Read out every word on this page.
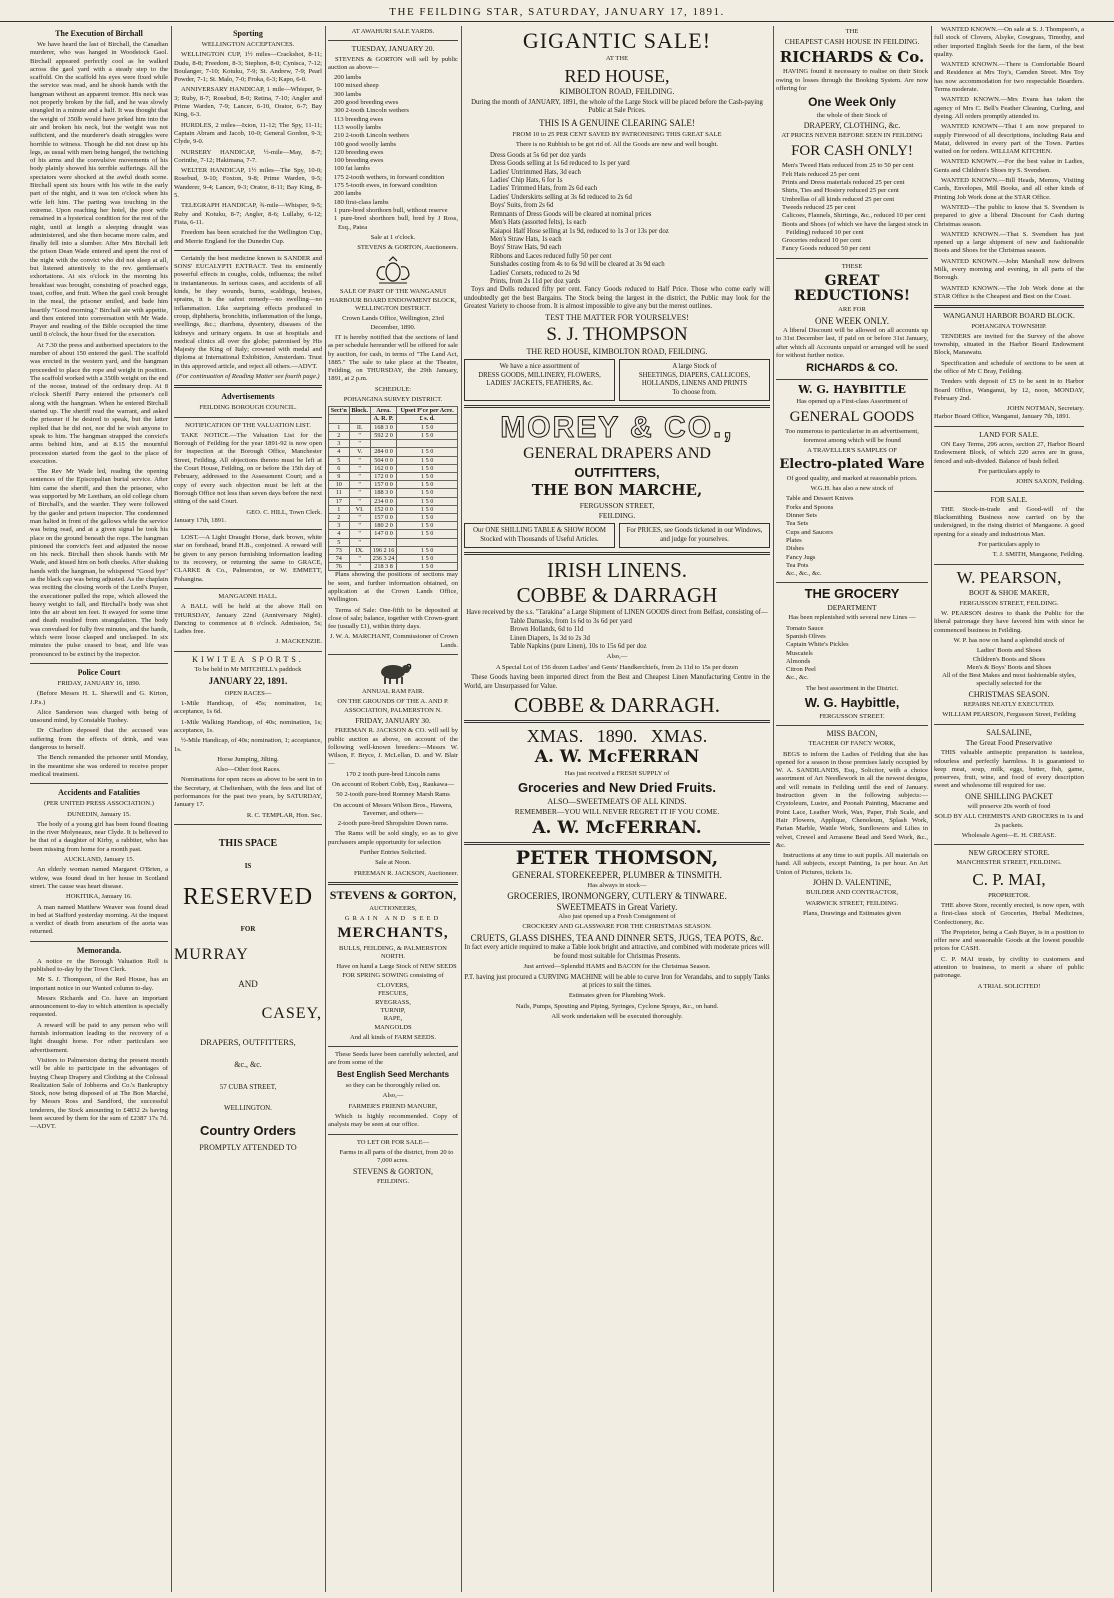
THE FEILDING STAR, SATURDAY, JANUARY 17, 1891.
The Execution of Birchall

We have heard the last of Birchall, the Canadian murderer, who was hanged in Woodstock Gaol. Birchall appeared perfectly cool as he walked across the gaol yard with a steady step to the scaffold. On the scaffold his eyes were fixed while the service was read, and he shook hands with the hangman without an apparent tremor. His neck was not properly broken by the fall, and he was slowly strangled in a minute and a half. It was thought that the weight of 350lb would have jerked him into the air and broken his neck, but the weight was not sufficient, and the murderer's death struggles were horrible to witness. Though he did not draw up his legs, as usual with men being hanged, the twitching of his arms and the convulsive movements of his body plainly showed his terrible sufferings. All the spectators were shocked at the awful death scene. Birchall spent six hours with his wife in the early part of the night, and it was ten o'clock when his wife left him. The parting was touching in the extreme. Upon reaching her hotel, the poor wife remained in a hysterical condition for the rest of the night, until at length a sleeping draught was administered, and she then became more calm, and finally fell into a slumber. After Mrs Birchall left the prison Dean Wade entered and spent the rest of the night with the convict who did not sleep at all, but listened attentively to the rev. gentleman's exhortations. At six o'clock in the morning his breakfast was brought, consisting of poached eggs, toast, coffee, and fruit. When the gaol cook brought in the meal, the prisoner smiled, and bade him heartily "Good morning." Birchall ate with appetite, and then entered into conversation with Mr Wade. Prayer and reading of the Bible occupied the time until 8 o'clock, the hour fixed for the execution.

At 7.30 the press and authorised spectators to the number of about 150 entered the gaol. The scaffold was erected in the western yard, and the hangman proceeded to place the rope and weight in position. The scaffold worked with a 350lb weight on the end of the noose, instead of the ordinary drop. At 8 o'clock Sheriff Parry entered the prisoner's cell along with the hangman. When he entered Birchall started up. The sheriff read the warrant, and asked the prisoner if he desired to speak, but the latter replied that he did not, nor did he wish anyone to speak to him. The hangman strapped the convict's arms behind him, and at 8.15 the mournful procession started from the gaol to the place of execution.

The Rev Mr Wade led, reading the opening sentences of the Episcopalian burial service. After him came the sheriff, and then the prisoner, who was supported by Mr Leetham, an old college chum of Birchall's, and the warder. They were followed by the gaoler and prison inspector. The condemned man halted in front of the gallows while the service was being read, and at a given signal he took his place on the ground beneath the rope. The hangman pinioned the convict's feet and adjusted the noose on his neck. Birchall then shook hands with Mr Wade, and kissed him on both cheeks. After shaking hands with the hangman, he whispered "Good bye" as the black cap was being adjusted. As the chaplain was reciting the closing words of the Lord's Prayer, the executioner pulled the rope, which allowed the heavy weight to fall, and Birchall's body was shot into the air about ten feet. It swayed for some time and death resulted from strangulation. The body was convulsed for fully five minutes, and the hands, which were loose clasped and unclasped. In six minutes the pulse ceased to beat, and life was pronounced to be extinct by the inspector.

Police Court
FRIDAY, JANUARY 16, 1890.

(Before Messrs H. L. Sherwill and G. Kirton, J.P.s.)

Alice Sanderson was charged with being of unsound mind, by Constable Tuohey.

Dr Charlton deposed that the accused was suffering from the effects of drink, and was dangerous to herself.

The Bench remanded the prisoner until Monday, in the meantime she was ordered to receive proper medical treatment.

Accidents and Fatalities
(PER UNITED PRESS ASSOCIATION.)
DUNEDIN, January 15.

The body of a young girl has been found floating in the river Molyneaux, near Clyde. It is believed to be that of a daughter of Kirby, a rabbiter, who has been missing from home for a month past.

AUCKLAND, January 15.

An elderly woman named Margaret O'Brien, a widow, was found dead in her house in Scotland street. The cause was heart disease.

HOKITIKA, January 16.

A man named Matthew Weaver was found dead in bed at Stafford yesterday morning. At the inquest a verdict of death from aneurism of the aorta was returned.

Memoranda.

A notice re the Borough Valuation Roll is published to-day by the Town Clerk.

Mr S. J. Thompson, of the Red House, has an important notice in our Wanted column to-day.

Messrs Richards and Co. have an important announcement to-day to which attention is specially requested.

A reward will be paid to any person who will furnish information leading to the recovery of a light draught horse. For other particulars see advertisement.

Visitors to Palmerston during the present month will be able to participate in the advantages of buying Cheap Drapery and Clothing at the Colossal Realization Sale of Jobberns and Co.'s Bankruptcy Stock, now being disposed of at The Bon Marché, by Messrs Ross and Sandford, the successful tenderers, the Stock amounting to £4832 2s having been secured by them for the sum of £2387 17s 7d.—ADVT.

Sporting
WELLINGTON ACCEPTANCES.

WELLINGTON CUP, 1½ miles—Crackshot, 8-11; Dudu, 8-8; Freedom, 8-3; Stephon, 8-0; Cynisca, 7-12; Boulanger, 7-10; Kotuku, 7-9; St. Andrew, 7-9; Pearl Powder, 7-1; St. Malo, 7-0; Froka, 6-3; Kapo, 6-0.

ANNIVERSARY HANDICAP, 1 mile—Whisper, 9-3; Ruby, 8-7; Rosebud, 8-0; Retina, 7-10; Angler and Prime Warden, 7-9; Lancer, 6-10, Orator, 6-7; Bay King, 6-3.

HURDLES, 2 miles—Ixion, 11-12; The Spy, 11-11; Captain Abram and Jacob, 10-0; General Gordon, 9-3; Clyde, 9-0.

NURSERY HANDICAP, ½-mile—May, 8-7; Corinthe, 7-12; Hakimana, 7-7.

WELTER HANDICAP, 1½ miles—The Spy, 10-0; Rosebud, 9-10; Foxton, 9-8; Prime Warden, 9-5; Wanderer, 9-4; Lancer, 9-3; Orator, 8-11; Bay King, 8-5.

TELEGRAPH HANDICAP, ¾-mile—Whisper, 9-5; Ruby and Kotuku, 8-7; Angler, 8-6; Lullaby, 6-12; Fista, 6-11.

Freedom has been scratched for the Wellington Cup, and Merrie England for the Dunedin Cup.

Certainly the best medicine known is SANDER and SONS' EUCALYPTI EXTRACT. Test its eminently powerful effects in coughs, colds, influenza; the relief is instantaneous. In serious cases, and accidents of all kinds, be they wounds, burns, scaldings, bruises, sprains, it is the safest remedy—no swelling—no inflammation. Like surprising effects produced in croup, diphtheria, bronchitis, inflammation of the lungs, swellings, &c.; diarrhœa, dysentery, diseases of the kidneys and urinary organs. In use at hospitals and medical clinics all over the globe; patronised by His Majesty the King of Italy; crowned with medal and diploma at International Exhibition, Amsterdam. Trust in this approved article, and reject all others.—ADVT.

(For continuation of Reading Matter see fourth page.)
Advertisements
FEILDING BOROUGH COUNCIL.
NOTIFICATION OF THE VALUATION LIST.

TAKE NOTICE.—The Valuation List for the Borough of Feilding for the year 1891-92 is now open for inspection at the Borough Office, Manchester Street, Feilding. All objections thereto must be left at the Court House, Feilding, on or before the 15th day of February, addressed to the Assessment Court; and a copy of every such objection must be left at the Borough Office not less than seven days before the next sitting of the said Court.

GEO. C. HILL, Town Clerk.
January 17th, 1891.

LOST.—A Light Draught Horse, dark brown, white star on forehead, brand H.B., conjoined. A reward will be given to any person furnishing information leading to its recovery, or returning the same to GRACE, CLARKE & Co., Palmerston, or W. EMMETT, Pohangina.

MANGAONE HALL.

A BALL will be held at the above Hall on THURSDAY, January 22nd (Anniversary Night). Dancing to commence at 8 o'clock. Admission, 5s; Ladies free.

J. MACKENZIE.
KIWITEA SPORTS.
To be held in Mr MITCHELL's paddock
JANUARY 22, 1891.
OPEN RACES—

1-Mile Handicap, of 45s; nomination, 1s; acceptance, 1s 6d.

1-Mile Walking Handicap, of 40s; nomination, 1s; acceptance, 1s.

½-Mile Handicap, of 40s; nomination, 1; acceptance, 1s.

Horse Jumping, Jilting.
Also—Other foot Races.

Nominations for open races as above to be sent in to the Secretary, at Cheltenham, with the fees and list of performances for the past two years, by SATURDAY, January 17.

R. C. TEMPLAR, Hon. Sec.
THIS SPACE
IS
RESERVED
FOR
MURRAY
AND
CASEY,
DRAPERS, OUTFITTERS,
&c., &c.
57 CUBA STREET,
WELLINGTON.
Country Orders
PROMPTLY ATTENDED TO
AT AWAHURI SALE YARDS.
TUESDAY, JANUARY 20.

STEVENS & GORTON will sell by public auction as above—

200 lambs
100 mixed sheep
300 lambs
200 good breeding ewes
300 2-tooth Lincoln wethers
113 breeding ewes
113 woolly lambs
210 2-tooth Lincoln wethers
100 good woolly lambs
120 breeding ewes
100 breeding ewes
100 fat lambs
175 2-tooth wethers, in forward condition
175 5-tooth ewes, in forward condition
200 lambs
180 first-class lambs
1 pure-bred shorthorn bull, without reserve
1 pure-bred shorthorn bull, bred by J Ross, Esq., Patea
Sale at 1 o'clock.
STEVENS & GORTON, Auctioneers.
SALE OF PART OF THE WANGANUI HARBOUR BOARD ENDOWMENT BLOCK, WELLINGTON DISTRICT.
Crown Lands Office, Wellington, 23rd December, 1890.

IT is hereby notified that the sections of land as per schedule hereunder will be offered for sale by auction, for cash, in terms of "The Land Act, 1885." The sale to take place at the Theatre, Feilding, on THURSDAY, the 29th January, 1891, at 2 p.m.

SCHEDULE:
POHANGINA SURVEY DISTRICT.
Sect'n	Block.	Area.	Upset P'ce per Acre.
		A. R. P.	£ s. d.
1	II.	168 3 0	1 5 0
2	"	592 2 0	1 5 0
3	"		
4	V.	284 0 0	1 5 0
5	"	504 0 0	1 5 0
6	"	162 0 0	1 5 0
9	"	172 0 0	1 5 0
10	"	157 0 0	1 5 0
11	"	188 3 0	1 5 0
17	"	234 0 0	1 5 0
1	VI.	152 0 0	1 5 0
2	"	157 0 0	1 5 0
3	"	180 2 0	1 5 0
4	"	147 0 0	1 5 0
5	"		
73	IX.	196 2 16	1 5 0
74	"	236 3 24	1 5 0
76	"	218 3 8	1 5 0

Plans showing the positions of sections may be seen, and further information obtained, on application at the Crown Lands Office, Wellington.

Terms of Sale: One-fifth to be deposited at close of sale; balance, together with Crown-grant fee (usually £1), within thirty days.

J. W. A. MARCHANT, Commissioner of Crown Lands.
ANNUAL RAM FAIR.
ON THE GROUNDS OF THE A. AND P. ASSOCIATION, PALMERSTON N.
FRIDAY, JANUARY 30.

FREEMAN R. JACKSON & CO. will sell by public auction as above, on account of the following well-known breeders:—Messrs W. Wilson, F. Bryce, J. McLellan, D. and W. Blair—

170 2 tooth pure-bred Lincoln rams
On account of Robert Cobb, Esq., Raukawa—
50 2-tooth pure-bred Romney Marsh Rams
On account of Messrs Wilson Bros., Hawera, Taverner, and others—
2-tooth pure-bred Shropshire Down rams.

The Rams will be sold singly, so as to give purchasers ample opportunity for selection

Further Entries Solicited.
Sale at Noon.
FREEMAN R. JACKSON, Auctioneer.
STEVENS & GORTON,
AUCTIONEERS,
GRAIN AND SEED
MERCHANTS,
BULLS, FEILDING, & PALMERSTON NORTH.

Have on hand a Large Stock of NEW SEEDS FOR SPRING SOWING consisting of

CLOVERS,
FESCUES,
RYEGRASS,
TURNIP,
RAPE,
MANGOLDS
And all kinds of FARM SEEDS.

These Seeds have been carefully selected, and are from some of the

Best English Seed Merchants
so they can be thoroughly relied on.
Also,—
FARMER'S FRIEND MANURE,

Which is highly recommended. Copy of analysis may be seen at our office.

TO LET OR FOR SALE—

Farms in all parts of the district, from 20 to 7,000 acres.

STEVENS & GORTON,
FEILDING.
GIGANTIC SALE!
AT THE
RED HOUSE,
KIMBOLTON ROAD, FEILDING.

During the month of JANUARY, 1891, the whole of the Large Stock will be placed before the Cash-paying Public at Sale Prices.

THIS IS A GENUINE CLEARING SALE!
FROM 10 to 25 PER CENT SAVED BY PATRONISING THIS GREAT SALE
There is no Rubbish to be got rid of. All the Goods are new and well bought.
Dress Goods at 5s 6d per doz yards
Dress Goods selling at 1s 6d reduced to 1s per yard
Ladies' Untrimmed Hats, 3d each
Ladies' Chip Hats, 6 for 1s
Ladies' Trimmed Hats, from 2s 6d each
Ladies' Underskirts selling at 3s 6d reduced to 2s 6d
Boys' Suits, from 2s 6d
Remnants of Dress Goods will be cleared at nominal prices
Men's Hats (assorted felts), 1s each
Kaiapoi Half Hose selling at 1s 9d, reduced to 1s 3 or 13s per doz
Men's Straw Hats, 1s each
Boys' Straw Hats, 9d each
Ribbons and Laces reduced fully 50 per cent
Sunshades costing from 4s to 6s 9d will be cleared at 3s 9d each
Ladies' Corsets, reduced to 2s 9d
Prints, from 2s 11d per doz yards

Toys and Dolls reduced fifty per cent. Fancy Goods reduced to Half Price. Those who come early will undoubtedly get the best Bargains. The Stock being the largest in the district, the Public may look for the Greatest Variety to choose from. It is almost impossible to give any but the merest outlines.

TEST THE MATTER FOR YOURSELVES!
S. J. THOMPSON
THE RED HOUSE, KIMBOLTON ROAD, FEILDING.
We have a nice assortment of
DRESS GOODS, MILLINERY, FLOWERS, LADIES' JACKETS, FEATHERS, &c.
A large Stock of
SHEETINGS, DIAPERS, CALLICOES, HOLLANDS, LINENS AND PRINTS
To choose from.
MOREY & CO.,
GENERAL DRAPERS AND
OUTFITTERS,
THE BON MARCHE,
FERGUSSON STREET,
FEILDING.
Our ONE SHILLING TABLE & SHOW ROOM
Stocked with Thousands of Useful Articles.
For PRICES, see Goods ticketed in our Windows, and judge for yourselves.
IRISH LINENS.
COBBE & DARRAGH

Have received by the s.s. "Tarakina" a Large Shipment of LINEN GOODS direct from Belfast, consisting of—

Table Damasks, from 1s 6d to 3s 6d per yard
Brown Hollands, 6d to 11d
Linen Diapers, 1s 3d to 2s 3d
Table Napkins (pure Linen), 10s to 15s 6d per doz
Also,—
A Special Lot of 156 dozen Ladies' and Gents' Handkerchiefs, from 2s 11d to 15s per dozen

These Goods having been imported direct from the Best and Cheapest Linen Manufacturing Centre in the World, are Unsurpassed for Value.

COBBE & DARRAGH.
XMAS.   1890.   XMAS.
A. W. McFERRAN
Has just received a FRESH SUPPLY of
Groceries and New Dried Fruits.
ALSO—SWEETMEATS OF ALL KINDS.
REMEMBER—YOU WILL NEVER REGRET IT IF YOU COME.
A. W. McFERRAN.
PETER THOMSON,
GENERAL STOREKEEPER, PLUMBER & TINSMITH.
Has always in stock—
GROCERIES, IRONMONGERY, CUTLERY & TINWARE.
SWEETMEATS in Great Variety.
Also just opened up a Fresh Consignment of
CROCKERY AND GLASSWARE FOR THE CHRISTMAS SEASON.
CRUETS, GLASS DISHES, TEA AND DINNER SETS, JUGS, TEA POTS, &c.

In fact every article required to make a Table look bright and attractive, and combined with moderate prices will be found most suitable for Christmas Presents.

Just arrived—Splendid HAMS and BACON for the Christmas Season.

P.T. having just procured a CURVING MACHINE will be able to curve Iron for Verandahs, and to supply Tanks at prices to suit the times.

Estimates given for Plumbing Work.
Nails, Pumps, Spouting and Piping, Syringes, Cyclone Sprays, &c., on hand.
All work undertaken will be executed thoroughly.
THE
CHEAPEST CASH HOUSE IN FEILDING.
RICHARDS & Co.

HAVING found it necessary to realise on their Stock owing to losses through the Booking System. Are now offering for

One Week Only
the whole of their Stock of
DRAPERY, CLOTHING, &c.
AT PRICES NEVER BEFORE SEEN IN FEILDING
FOR CASH ONLY!
Men's Tweed Hats reduced from 25 to 50 per cent
Felt Hats reduced 25 per cent
Prints and Dress materials reduced 25 per cent
Shirts, Ties and Hosiery reduced 25 per cent
Umbrellas of all kinds reduced 25 per cent
Tweeds reduced 25 per cent
Calicoes, Flannels, Shirtings, &c., reduced 10 per cent
Boots and Shoes (of which we have the largest stock in Feilding) reduced 10 per cent
Groceries reduced 10 per cent
Fancy Goods reduced 50 per cent
THESE
GREAT REDUCTIONS!
ARE FOR
ONE WEEK ONLY.

A liberal Discount will be allowed on all accounts up to 31st December last, if paid on or before 31st January, after which all Accounts unpaid or arranged will be sued for without further notice.

RICHARDS & CO.
W. G. HAYBITTLE
Has opened up a First-class Assortment of
GENERAL GOODS

Too numerous to particularise in an advertisement, foremost among which will be found

A TRAVELLER'S SAMPLES OF
Electro-plated Ware

Of good quality, and marked at reasonable prices.

W.G.H. has also a new stock of
Table and Dessert Knives
Forks and Spoons
Dinner Sets
Tea Sets
Cups and Saucers
Plates
Dishes
Fancy Jugs
Tea Pots
&c., &c., &c.
THE GROCERY
DEPARTMENT
Has been replenished with several new Lines —
Tomato Sauce
Spanish Olives
Captain White's Pickles
Muscatels
Almonds
Citron Peel
&c., &c.
The best assortment in the District.
W. G. Haybittle,
FERGUSSON STREET.
MISS BACON,
TEACHER OF FANCY WORK,

BEGS to inform the Ladies of Feilding that she has opened for a season in those premises lately occupied by W. A. SANDILANDS, Esq., Solicitor, with a choice assortment of Art Needlework in all the newest designs, and will remain in Feilding until the end of January. Instruction given in the following subjects:—Crystoleum, Lustre, and Poonah Painting, Macrame and Point Lace, Leather Work, Wax, Paper, Fish Scale, and Hair Flowers, Applique, Chenoleum, Splash Work, Parian Marble, Wattle Work, Sunflowers and Lilies in velvet, Crewel and Arrasene Bead and Seed Work, &c., &c.

Instructions at any time to suit pupils. All materials on hand. All subjects, except Painting, 1s per hour. An Art Union of Pictures, tickets 1s.

JOHN D. VALENTINE,
BUILDER AND CONTRACTOR,
WARWICK STREET, FEILDING.
Plans, Drawings and Estimates given
WANTED KNOWN.—On sale at S. J. Thompson's, a full stock of Clovers, Alsyke, Cowgrass, Timothy, and other imported English Seeds for the farm, of the best quality.
WANTED KNOWN.—There is Comfortable Board and Residence at Mrs Toy's, Camden Street. Mrs Toy has now accommodation for two respectable Boarders. Terms moderate.
WANTED KNOWN.—Mrs Evans has taken the agency of Mrs C. Bell's Feather Cleaning, Curling, and dyeing. All orders promptly attended to.
WANTED KNOWN—That I am now prepared to supply Firewood of all descriptions, including Rata and Matai, delivered in every part of the Town. Parties waited on for orders. WILLIAM KITCHEN.
WANTED KNOWN.—For the best value in Ladies, Gents and Children's Shoes try S. Svendsen.
WANTED KNOWN.—Bill Heads, Memos, Visiting Cards, Envelopes, Mill Books, and all other kinds of Printing Job Work done at the STAR Office.
WANTED—The public to know that S. Svendsen is prepared to give a liberal Discount for Cash during Christmas season.
WANTED KNOWN.—That S. Svendsen has just opened up a large shipment of new and fashionable Boots and Shoes for the Christmas season.
WANTED KNOWN.—John Marshall now delivers Milk, every morning and evening, in all parts of the Borough.
WANTED KNOWN.—The Job Work done at the STAR Office is the Cheapest and Best on the Coast.
WANGANUI HARBOR BOARD BLOCK.
POHANGINA TOWNSHIP.

TENDERS are invited for the Survey of the above township, situated in the Harbor Board Endowment Block, Manawatu.

Specification and schedule of sections to be seen at the office of Mr C Bray, Feilding.

Tenders with deposit of £5 to be sent in to Harbor Board Office, Wanganui, by 12, noon, MONDAY, February 2nd.

JOHN NOTMAN, Secretary.
Harbor Board Office, Wanganui, January 7th, 1891.
LAND FOR SALE.

ON Easy Terms, 296 acres, section 27, Harbor Board Endowment Block, of which 220 acres are in grass, fenced and sub-divided. Balance of bush felled.

For particulars apply to
JOHN SAXON, Feilding.
FOR SALE.

THE Stock-in-trade and Good-will of the Blacksmithing Business now carried on by the undersigned, in the rising district of Mangaone. A good opening for a steady and industrious Man.

For particulars apply to
T. J. SMITH, Mangaone, Feilding.
W. PEARSON,
BOOT & SHOE MAKER,
FERGUSSON STREET, FEILDING.

W. PEARSON desires to thank the Public for the liberal patronage they have favored him with since he commenced business in Feilding.

W. P. has now on hand a splendid stock of
Ladies' Boots and Shoes
Children's Boots and Shoes
Men's & Boys' Boots and Shoes
All of the Best Makes and most fashionable styles, specially selected for the
CHRISTMAS SEASON.
REPAIRS NEATLY EXECUTED.
WILLIAM PEARSON, Fergusson Street, Feilding
SALSALINE,
The Great Food Preservative

THIS valuable antiseptic preparation is tasteless, odourless and perfectly harmless. It is guaranteed to keep meat, soup, milk, eggs, butter, fish, game, preserves, fruit, wine, and food of every description sweet and wholesome till required for use.

ONE SHILLING PACKET
will preserve 20s worth of food
SOLD BY ALL CHEMISTS AND GROCERS in 1s and 2s packets.
Wholesale Agent—E. H. CREASE.
NEW GROCERY STORE.
MANCHESTER STREET, FEILDING.
C. P. MAI,
PROPRIETOR.

THE above Store, recently erected, is now open, with a first-class stock of Groceries, Herbal Medicines, Confectionery, &c.

The Proprietor, being a Cash Buyer, is in a position to offer new and seasonable Goods at the lowest possible prices for CASH.

C. P. MAI trusts, by civility to customers and attention to business, to merit a share of public patronage.

A TRIAL SOLICITED!
